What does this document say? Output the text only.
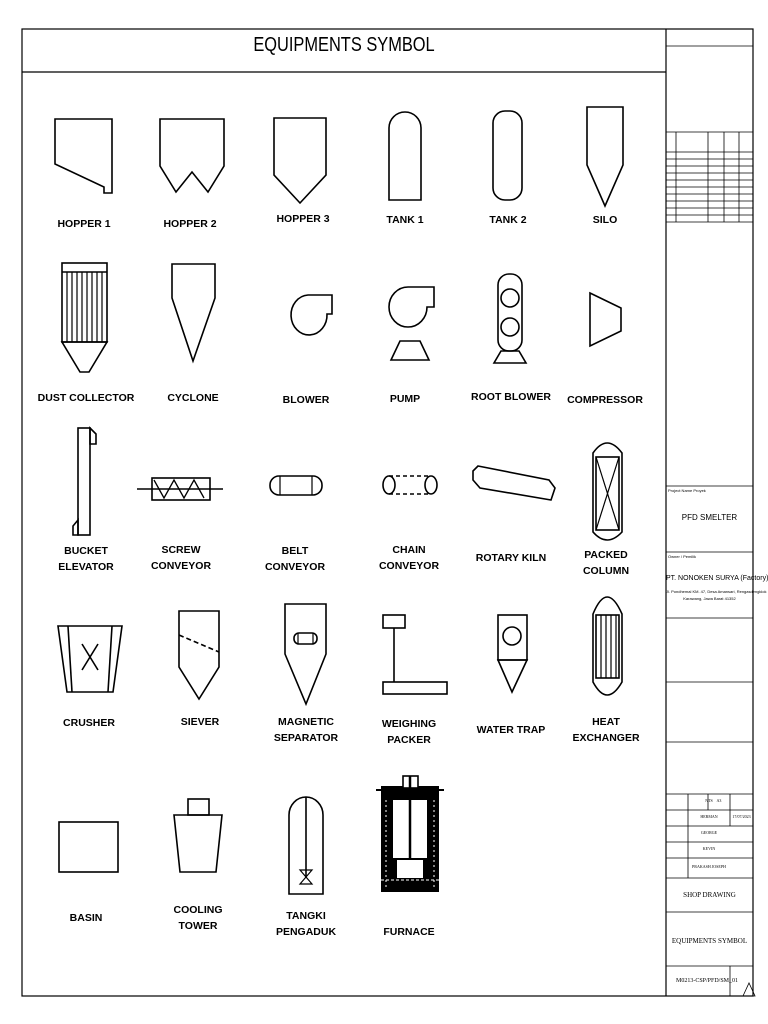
EQUIPMENTS SYMBOL
HOPPER 1	HOPPER 2	HOPPER 3	TANK 1	TANK 2	SILO
DUST COLLECTOR	CYCLONE	BLOWER	PUMP	ROOT BLOWER COMPRESSOR
BUCKET
ELEVATOR
SCREW
CONVEYOR
BELT
CONVEYOR
CHAIN
CONVEYOR
ROTARY KILN	PACKED
COLUMN
CRUSHER	SIEVER	MAGNETIC
SEPARATOR
WEIGHING
PACKER
WATER TRAP
HEAT
EXCHANGER
BASIN
COOLING
TOWER
TANGKI
PENGADUK	FURNACE
Project Name Proyek
PFD SMELTER
Owner / Pemilik
PT. NONOKEN SURYA (Factory)
Jl. Pondhemal KM. 47, Desa Amansari, Rengasdengklok
Karawang, Jawa Barat 41352
NTS A3
HERMAN	17/07/2023
GEORGE
KEVIN
PRAKASH JOSEPH
SHOP DRAWING
EQUIPMENTS SYMBOL
M0213-CSP/PFD/SM_01
